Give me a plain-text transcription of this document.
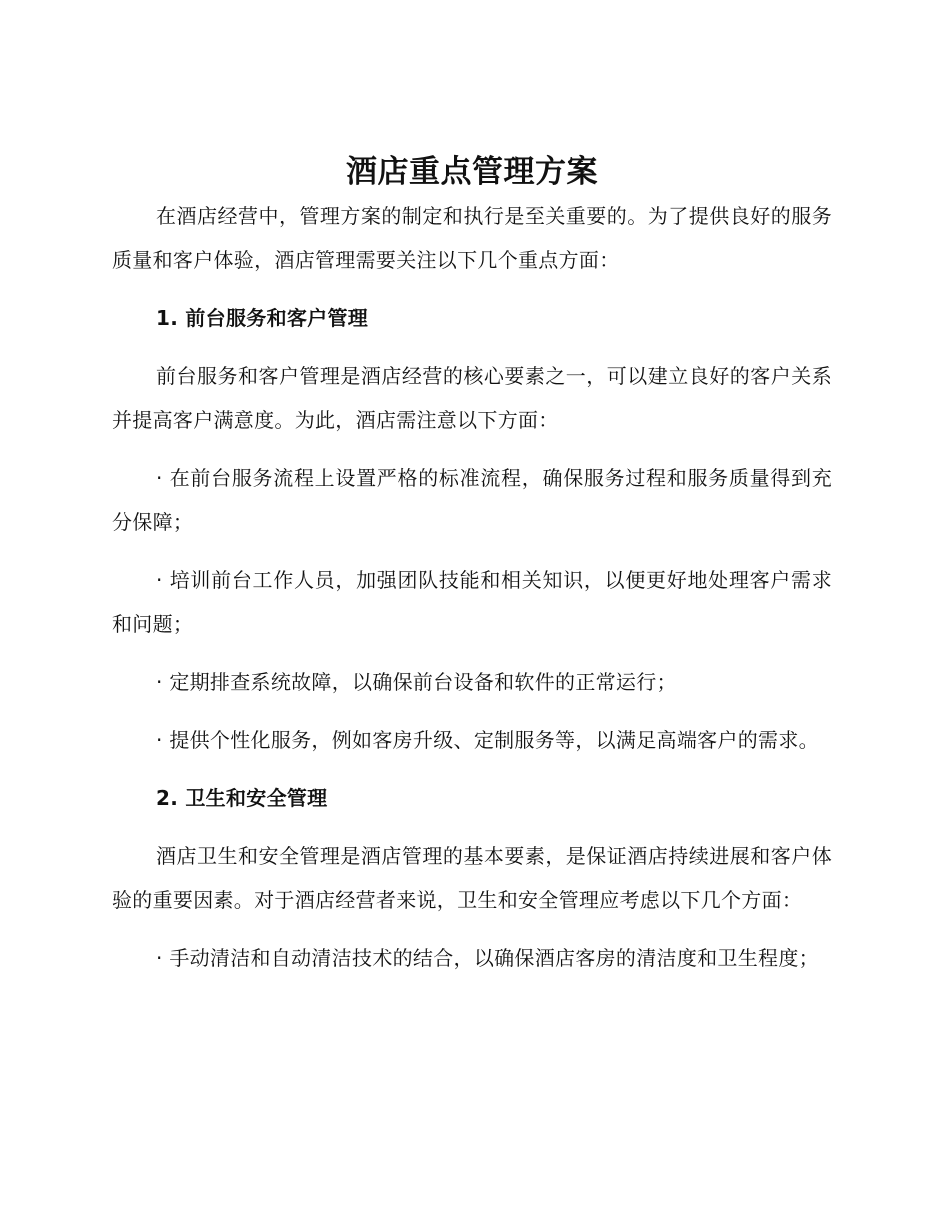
酒店重点管理方案

在酒店经营中，管理方案的制定和执行是至关重要的。为了提供良好的服务质量和客户体验，酒店管理需要关注以下几个重点方面：

1. 前台服务和客户管理

前台服务和客户管理是酒店经营的核心要素之一，可以建立良好的客户关系并提高客户满意度。为此，酒店需注意以下方面：

· 在前台服务流程上设置严格的标准流程，确保服务过程和服务质量得到充分保障；

· 培训前台工作人员，加强团队技能和相关知识，以便更好地处理客户需求和问题；

· 定期排查系统故障，以确保前台设备和软件的正常运行；

· 提供个性化服务，例如客房升级、定制服务等，以满足高端客户的需求。

2. 卫生和安全管理

酒店卫生和安全管理是酒店管理的基本要素，是保证酒店持续进展和客户体验的重要因素。对于酒店经营者来说，卫生和安全管理应考虑以下几个方面：

· 手动清洁和自动清洁技术的结合，以确保酒店客房的清洁度和卫生程度；
